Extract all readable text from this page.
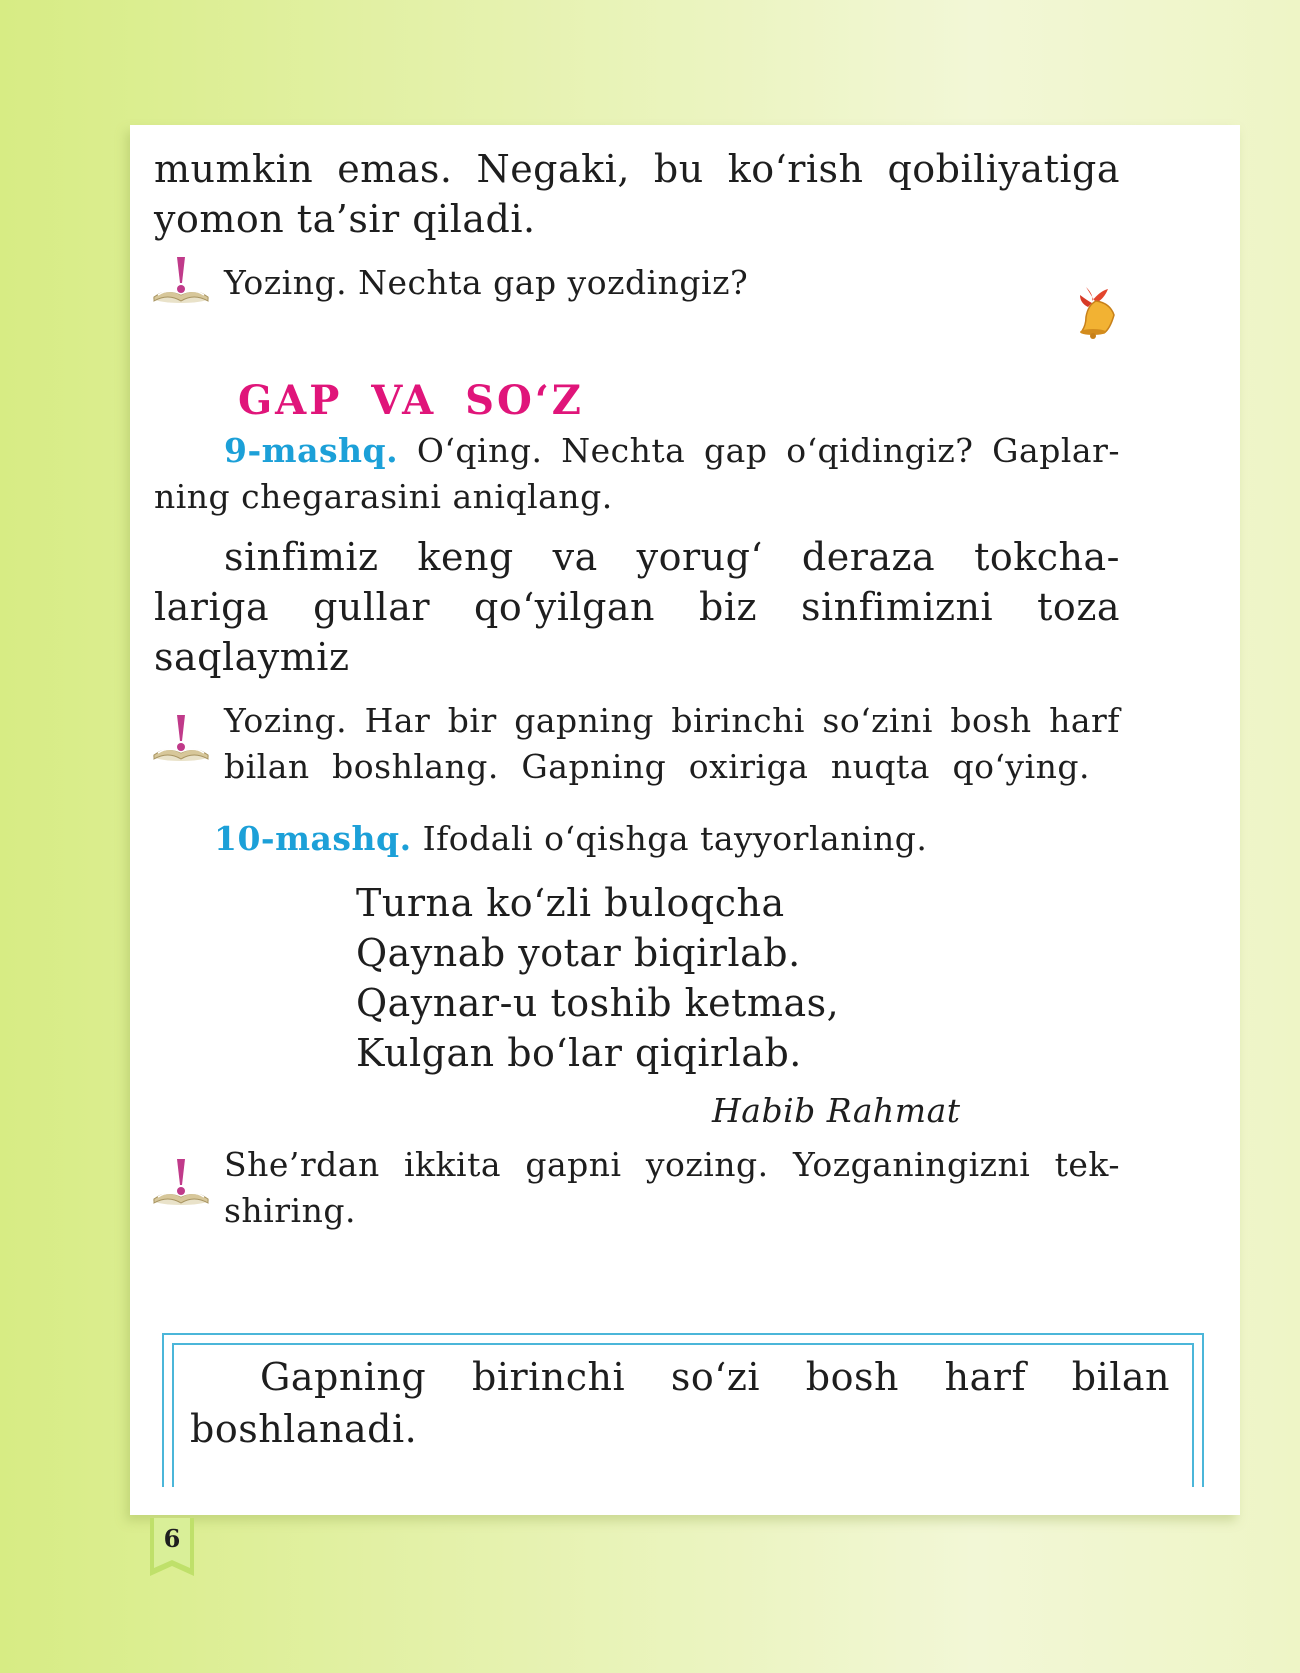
mumkin emas. Negaki, bu ko‘rish qobiliyatiga
yomon ta’sir qiladi.
Yozing. Nechta gap yozdingiz?
GAP VA SO‘Z
9-mashq. O‘qing. Nechta gap o‘qidingiz? Gaplar-
ning chegarasini aniqlang.
sinfimiz keng va yorug‘ deraza tokcha-
lariga gullar qo‘yilgan biz sinfimizni toza
saqlaymiz
Yozing. Har bir gapning birinchi so‘zini bosh harf
bilan boshlang. Gapning oxiriga nuqta qo‘ying.
10-mashq. Ifodali o‘qishga tayyorlaning.
Turna ko‘zli buloqcha
Qaynab yotar biqirlab.
Qaynar-u toshib ketmas,
Kulgan bo‘lar qiqirlab.
Habib Rahmat
She’rdan ikkita gapni yozing. Yozganingizni tek-
shiring.
Gapning birinchi so‘zi bosh harf bilan
boshlanadi.
6
